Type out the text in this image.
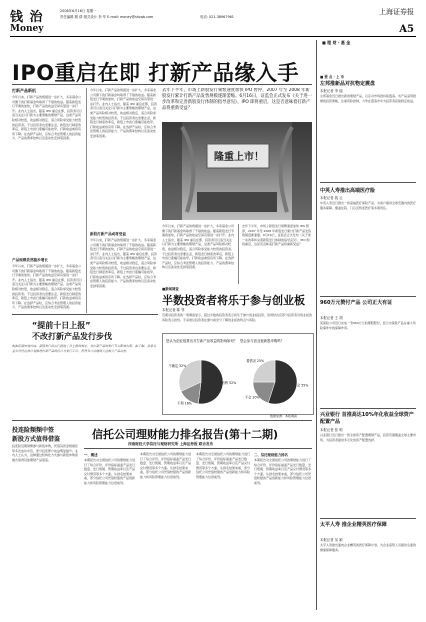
钱 治	2008年6月16日 星期一
责任编辑 顾 倩 版式设计 李 华 E-mail: money@shzqb.com	电话: 021-38967961
上海证券报
Money	A5
■ 理 财 · 基 金
IPO重启在即 打新产品缘入手
打新产品新机
今年以来，打新产品的规模进一步扩大，多家基金公司旗下的打新基金均取得了不错的收益。随着新股发行节奏的加快，打新产品的收益空间有望进一步打开。业内人士指出，随着 IPO 重启在即，投资者可以适当关注以打新为主要策略的理财产品，这类产品风险相对较低，收益相对稳定，适合风险承受能力较低的投资者。不过投资者也需要注意，新股发行制度改革后，新股上市首日涨幅可能收窄，打新收益或将有所下降。在选择产品时，应综合考虑管理人的投资能力、产品的费率结构以及流动性安排等因素。
产品规模依然稳步增长
今年以来，打新产品的规模进一步扩大，多家基金公司旗下的打新基金均取得了不错的收益。随着新股发行节奏的加快，打新产品的收益空间有望进一步打开。业内人士指出，随着 IPO 重启在即，投资者可以适当关注以打新为主要策略的理财产品，这类产品风险相对较低，收益相对稳定，适合风险承受能力较低的投资者。不过投资者也需要注意，新股发行制度改革后，新股上市首日涨幅可能收窄，打新收益或将有所下降。在选择产品时，应综合考虑管理人的投资能力、产品的费率结构以及流动性安排等因素。
今年以来，打新产品的规模进一步扩大，多家基金公司旗下的打新基金均取得了不错的收益。随着新股发行节奏的加快，打新产品的收益空间有望进一步打开。业内人士指出，随着 IPO 重启在即，投资者可以适当关注以打新为主要策略的理财产品，这类产品风险相对较低，收益相对稳定，适合风险承受能力较低的投资者。不过投资者也需要注意，新股发行制度改革后，新股上市首日涨幅可能收窄，打新收益或将有所下降。在选择产品时，应综合考虑管理人的投资能力、产品的费率结构以及流动性安排等因素。
新股打新产品或将受益
今年以来，打新产品的规模进一步扩大，多家基金公司旗下的打新基金均取得了不错的收益。随着新股发行节奏的加快，打新产品的收益空间有望进一步打开。业内人士指出，随着 IPO 重启在即，投资者可以适当关注以打新为主要策略的理财产品，这类产品风险相对较低，收益相对稳定，适合风险承受能力较低的投资者。不过投资者也需要注意，新股发行制度改革后，新股上市首日涨幅可能收窄，打新收益或将有所下降。在选择产品时，应综合考虑管理人的投资能力、产品的费率结构以及流动性安排等因素。
去年下半年，市场上新股发行频繁速度加快 IPO 暂停，2007 年至 2008 年新股发行累计打新产品发售规模逐渐萎缩。6月16日，证监会正式发布《关于进一步改革和完善新股发行体制的指导意见》，IPO 即将重启，这是否意味着打新产品将重新受益？
隆重上市！
今年以来，打新产品的规模进一步扩大，多家基金公司旗下的打新基金均取得了不错的收益。随着新股发行节奏的加快，打新产品的收益空间有望进一步打开。业内人士指出，随着 IPO 重启在即，投资者可以适当关注以打新为主要策略的理财产品，这类产品风险相对较低，收益相对稳定，适合风险承受能力较低的投资者。不过投资者也需要注意，新股发行制度改革后，新股上市首日涨幅可能收窄，打新收益或将有所下降。在选择产品时，应综合考虑管理人的投资能力、产品的费率结构以及流动性安排等因素。
去年下半年，市场上新股发行频繁速度加快 IPO 暂停，2007 年至 2008 年新股发行累计打新产品发售规模逐渐萎缩。6月16日，证监会正式发布《关于进一步改革和完善新股发行体制的指导意见》，IPO 即将重启，这是否意味着打新产品将重新受益？
“提前十日上报”
不改打新产品发行步伐
根据近期市场传闻，新股发行将实行提前十日上报的规定，对打新产品的发行节奏影响有限。据了解，多家基金公司仍在按计划推进打新产品的设计与发行工作，投资者可以继续关注相关产品动态。
■新闻调查
半数投资者将乐于参与创业板
本报记者 陈 菲
近期对投资者的一项调查显示，超过半数的投资者表示将乐于参与创业板投资，但同时也有部分投资者对创业板的风险表示担忧。专家建议投资者在参与前充分了解创业板的特点与风险。
您认为创业板推出对打新产品收益的影响如何？
有利 52%
不利 16%
不确定 32%
您会参与创业板新股申购吗？
会 55%
不会 20%
看情况 25%
数据来源：本报调查
■ 要 点 · 上 市
左邦推新品对抗物定震盘
本报记者 李 丽
左邦基金近日推出新的理财产品，以应对市场的持续震荡。该产品采用稳健的投资策略，注重风险控制，力争在震荡市中为投资者获取稳定收益。
中英人寿推出高端医疗险
本报记者 钱 云
中英人寿近日推出一款高端医疗保险产品，为客户提供全球范围内的医疗服务保障，覆盖住院、门诊及特需医疗等多项责任。
960万元赞付产品 公司正大有证
本报记者 王 胡
某保险公司近日完成一笔960万元的理赔赔付，显示出保险产品在重大风险事件中的保障作用。
兴业银行 首推高达10%年化收益全球资产配置产品
本报记者 张 明
兴业银行近日推出一款全球资产配置理财产品，投资范围覆盖全球主要市场，为投资者提供多元化的资产配置选择。
太平人寿 推企业精英医疗保障
本报记者 吴 颖
太平人寿推出面向企业精英的医疗保障计划，为企业高管人员提供全面的健康保障服务。
投连险频频中签
新股方式值得借鉴
投连险近期频繁参与新股申购，凭借其资金规模优势多次成功中签，部分投连账户收益明显提升。业内人士认为，这种通过机构化方式参与新股申购的模式值得其他理财产品借鉴。
信托公司理财能力排名报告(第十二期)
西南财经大学信托与理财研究所 上海证券报 联合发布
一、概述
本期报告对全国信托公司的理财能力进行了综合评价，评价指标涵盖产品发行数量、发行规模、预期收益率以及产品兑付情况等多个方面。从排名结果来看，部分信托公司凭借较强的产品创新能力和风险管理能力位居前列。
本期报告对全国信托公司的理财能力进行了综合评价，评价指标涵盖产品发行数量、发行规模、预期收益率以及产品兑付情况等多个方面。从排名结果来看，部分信托公司凭借较强的产品创新能力和风险管理能力位居前列。
本期报告对全国信托公司的理财能力进行了综合评价，评价指标涵盖产品发行数量、发行规模、预期收益率以及产品兑付情况等多个方面。从排名结果来看，部分信托公司凭借较强的产品创新能力和风险管理能力位居前列。
二、信托理财能力排名
本期报告对全国信托公司的理财能力进行了综合评价，评价指标涵盖产品发行数量、发行规模、预期收益率以及产品兑付情况等多个方面。从排名结果来看，部分信托公司凭借较强的产品创新能力和风险管理能力位居前列。
